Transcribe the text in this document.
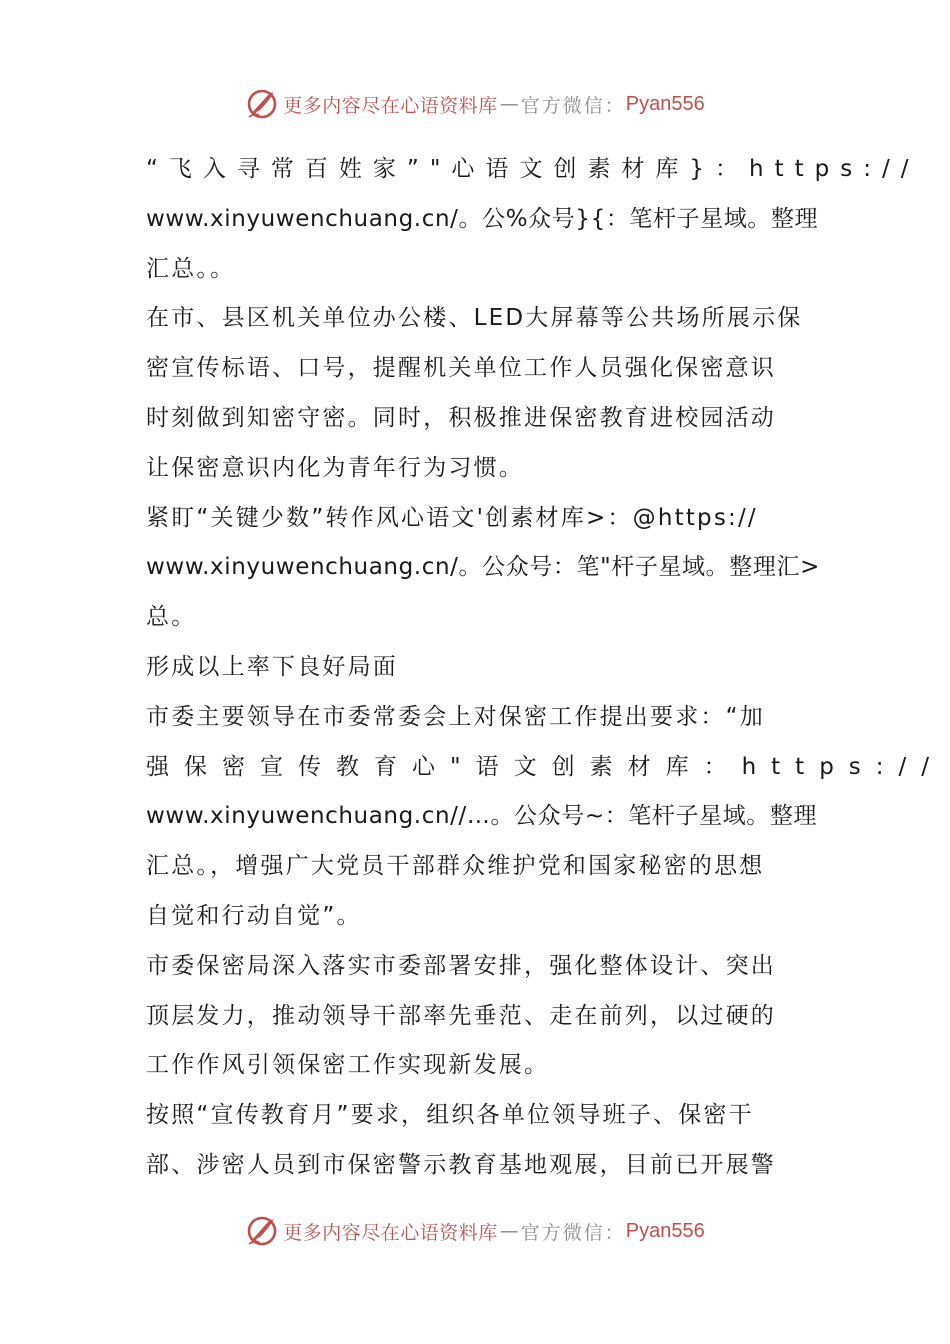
更多内容尽在心语资料库 — 官方微信： Pyan556
“飞入寻常百姓家”"心语文创素材库}：https://
www.xinyuwenchuang.cn/。公%众号}{：笔杆子星域。整理
汇总。。
在市、县区机关单位办公楼、LED大屏幕等公共场所展示保
密宣传标语、口号，提醒机关单位工作人员强化保密意识
时刻做到知密守密。同时，积极推进保密教育进校园活动
让保密意识内化为青年行为习惯。
紧盯“关键少数”转作风心语文'创素材库>：@https://
www.xinyuwenchuang.cn/。公众号：笔"杆子星域。整理汇>
总。
形成以上率下良好局面
市委主要领导在市委常委会上对保密工作提出要求：“加
强保密宣传教育心"语文创素材库：https://
www.xinyuwenchuang.cn//…。公众号~：笔杆子星域。整理
汇总。，增强广大党员干部群众维护党和国家秘密的思想
自觉和行动自觉”。
市委保密局深入落实市委部署安排，强化整体设计、突出
顶层发力，推动领导干部率先垂范、走在前列，以过硬的
工作作风引领保密工作实现新发展。
按照“宣传教育月”要求，组织各单位领导班子、保密干
部、涉密人员到市保密警示教育基地观展，目前已开展警
更多内容尽在心语资料库 — 官方微信： Pyan556
